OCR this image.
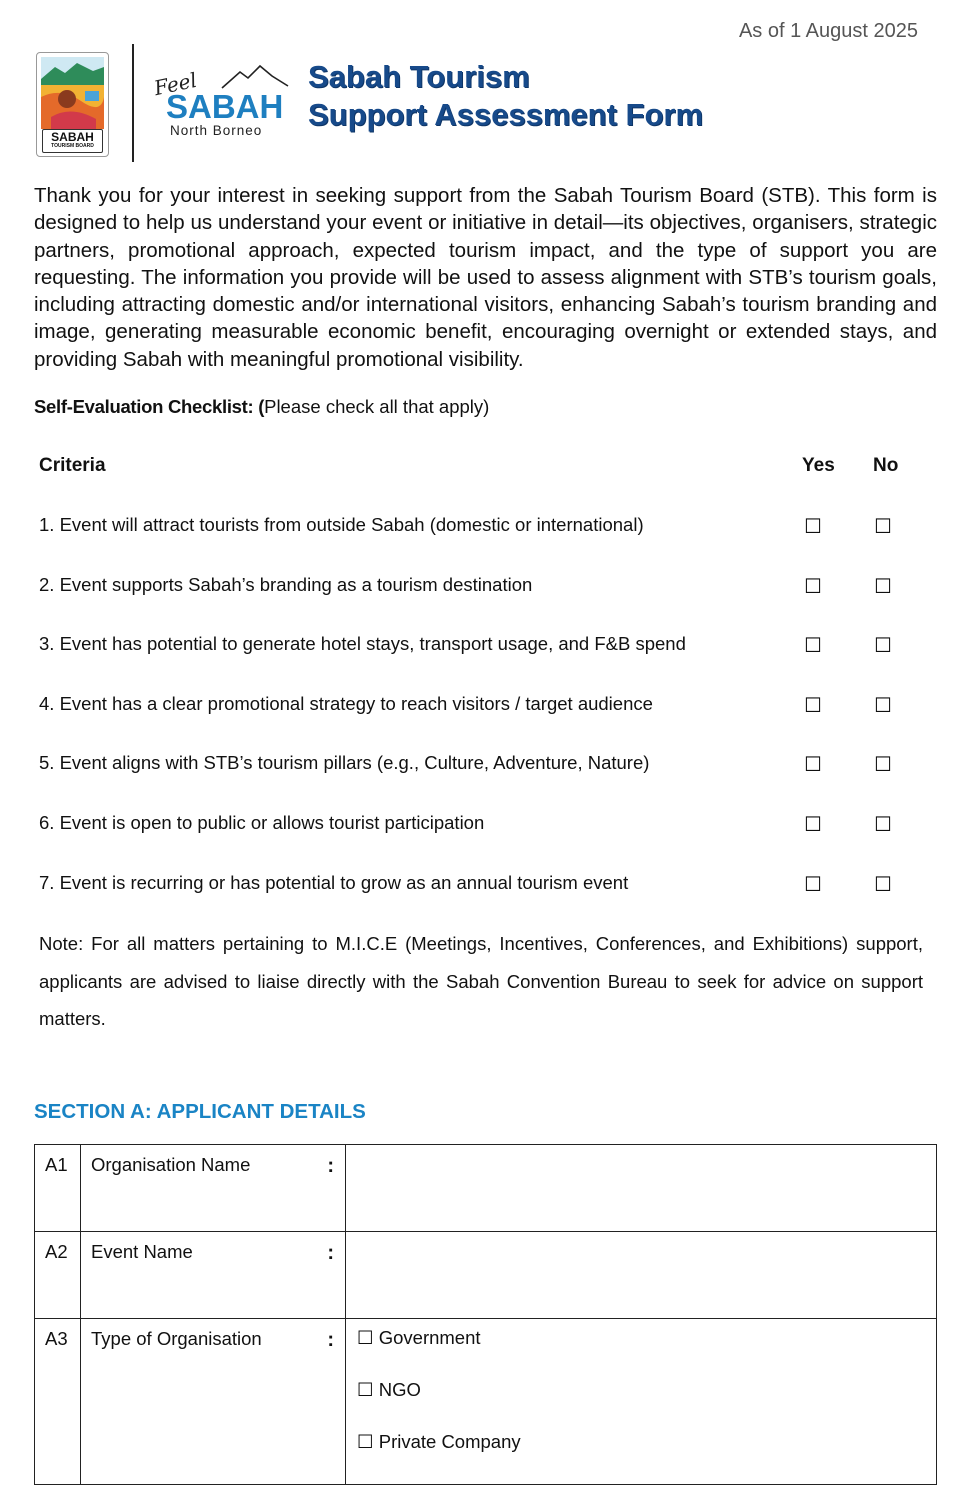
As of 1 August 2025
SABAH
TOURISM BOARD
Feel
SABAH
North Borneo
Sabah Tourism
Support Assessment Form
Thank you for your interest in seeking support from the Sabah Tourism Board (STB). This form is designed to help us understand your event or initiative in detail—its objectives, organisers, strategic partners, promotional approach, expected tourism impact, and the type of support you are requesting. The information you provide will be used to assess alignment with STB’s tourism goals, including attracting domestic and/or international visitors, enhancing Sabah’s tourism branding and image, generating measurable economic benefit, encouraging overnight or extended stays, and providing Sabah with meaningful promotional visibility.
Self-Evaluation Checklist: (Please check all that apply)
Criteria	Yes No
1. Event will attract tourists from outside Sabah (domestic or international)	☐	☐
2. Event supports Sabah’s branding as a tourism destination	☐	☐
3. Event has potential to generate hotel stays, transport usage, and F&B spend	☐	☐
4. Event has a clear promotional strategy to reach visitors / target audience	☐	☐
5. Event aligns with STB’s tourism pillars (e.g., Culture, Adventure, Nature)	☐	☐
6. Event is open to public or allows tourist participation	☐	☐
7. Event is recurring or has potential to grow as an annual tourism event	☐	☐
Note: For all matters pertaining to M.I.C.E (Meetings, Incentives, Conferences, and Exhibitions) support, applicants are advised to liaise directly with the Sabah Convention Bureau to seek for advice on support matters.
SECTION A: APPLICANT DETAILS
A1	Organisation Name :	

A2	Event Name :	

A3	Type of Organisation :	☐ Government
☐ NGO
☐ Private Company
